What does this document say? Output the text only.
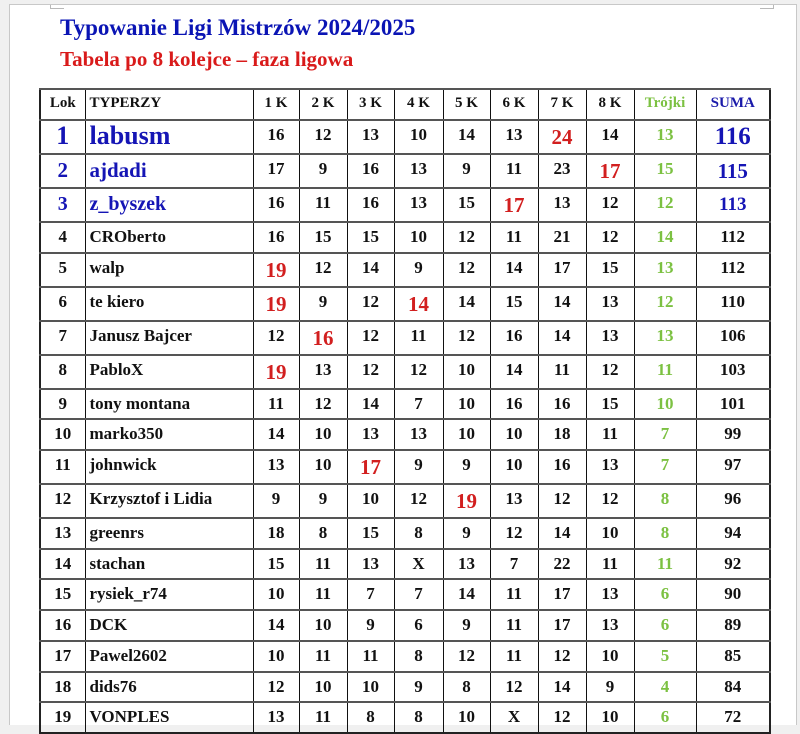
Typowanie Ligi Mistrzów 2024/2025
Tabela po 8 kolejce – faza ligowa
Lok	TYPERZY	1 K	2 K	3 K	4 K	5 K	6 K	7 K	8 K	Trójki	SUMA
1	labusm	16	12	13	10	14	13	24	14	13	116
2	ajdadi	17	9	16	13	9	11	23	17	15	115
3	z_byszek	16	11	16	13	15	17	13	12	12	113
4	CROberto	16	15	15	10	12	11	21	12	14	112
5	walp	19	12	14	9	12	14	17	15	13	112
6	te kiero	19	9	12	14	14	15	14	13	12	110
7	Janusz Bajcer	12	16	12	11	12	16	14	13	13	106
8	PabloX	19	13	12	12	10	14	11	12	11	103
9	tony montana	11	12	14	7	10	16	16	15	10	101
10	marko350	14	10	13	13	10	10	18	11	7	99
11	johnwick	13	10	17	9	9	10	16	13	7	97
12	Krzysztof i Lidia	9	9	10	12	19	13	12	12	8	96
13	greenrs	18	8	15	8	9	12	14	10	8	94
14	stachan	15	11	13	X	13	7	22	11	11	92
15	rysiek_r74	10	11	7	7	14	11	17	13	6	90
16	DCK	14	10	9	6	9	11	17	13	6	89
17	Pawel2602	10	11	11	8	12	11	12	10	5	85
18	dids76	12	10	10	9	8	12	14	9	4	84
19	VONPLES	13	11	8	8	10	X	12	10	6	72
